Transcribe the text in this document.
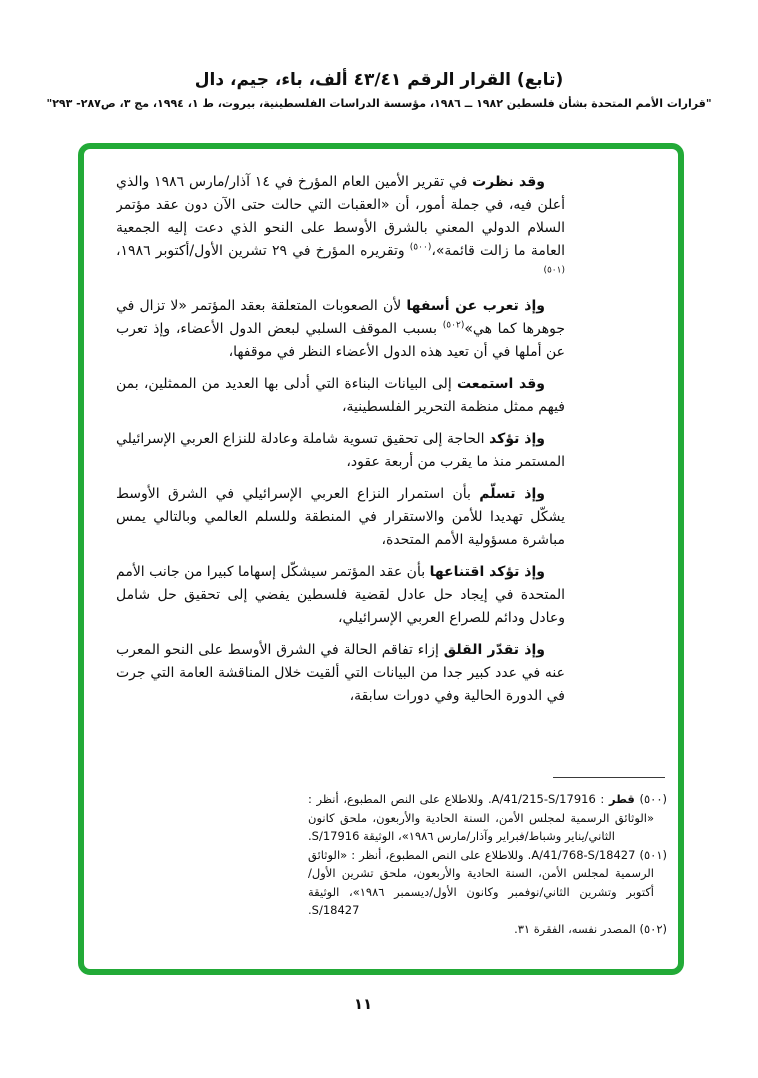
(تابع) القرار الرقم ٤٣/٤١ ألف، باء، جيم، دال
"قرارات الأمم المتحدة بشأن فلسطين ١٩٨٢ ــ ١٩٨٦، مؤسسة الدراسات الفلسطينية، بيروت، ط ١، ١٩٩٤، مج ٣، ص٢٨٧- ٢٩٣"

وقد نظرت في تقرير الأمين العام المؤرخ في ١٤ آذار/مارس ١٩٨٦ والذي أعلن فيه، في جملة أمور، أن «العقبات التي حالت حتى الآن دون عقد مؤتمر السلام الدولي المعني بالشرق الأوسط على النحو الذي دعت إليه الجمعية العامة ما زالت قائمة»،$^{(٥٠٠)}$ وتقريره المؤرخ في ٢٩ تشرين الأول/أكتوبر ١٩٨٦،$^{(٥٠١)}$

وإذ تعرب عن أسفها لأن الصعوبات المتعلقة بعقد المؤتمر «لا تزال في جوهرها كما هي»$^{(٥٠٢)}$ بسبب الموقف السلبي لبعض الدول الأعضاء، وإذ تعرب عن أملها في أن تعيد هذه الدول الأعضاء النظر في موقفها،

وقد استمعت إلى البيانات البناءة التي أدلى بها العديد من الممثلين، بمن فيهم ممثل منظمة التحرير الفلسطينية،

وإذ تؤكد الحاجة إلى تحقيق تسوية شاملة وعادلة للنزاع العربي الإسرائيلي المستمر منذ ما يقرب من أربعة عقود،

وإذ تسلّم بأن استمرار النزاع العربي الإسرائيلي في الشرق الأوسط يشكّل تهديدا للأمن والاستقرار في المنطقة وللسلم العالمي وبالتالي يمس مباشرة مسؤولية الأمم المتحدة،

وإذ تؤكد اقتناعها بأن عقد المؤتمر سيشكّل إسهاما كبيرا من جانب الأمم المتحدة في إيجاد حل عادل لقضية فلسطين يفضي إلى تحقيق حل شامل وعادل ودائم للصراع العربي الإسرائيلي،

وإذ تقدّر القلق إزاء تفاقم الحالة في الشرق الأوسط على النحو المعرب عنه في عدد كبير جدا من البيانات التي ألقيت خلال المناقشة العامة التي جرت في الدورة الحالية وفي دورات سابقة،

(٥٠٠) قطر : A/41/215-S/17916. وللاطلاع على النص المطبوع، أنظر : «الوثائق الرسمية لمجلس الأمن، السنة الحادية والأربعون، ملحق كانون الثاني/يناير وشباط/فبراير وآذار/مارس ١٩٨٦»، الوثيقة S/17916.

(٥٠١) A/41/768-S/18427. وللاطلاع على النص المطبوع، أنظر : «الوثائق الرسمية لمجلس الأمن، السنة الحادية والأربعون، ملحق تشرين الأول/أكتوبر وتشرين الثاني/نوفمبر وكانون الأول/ديسمبر ١٩٨٦»، الوثيقة S/18427.

(٥٠٢) المصدر نفسه، الفقرة ٣١.

١١
